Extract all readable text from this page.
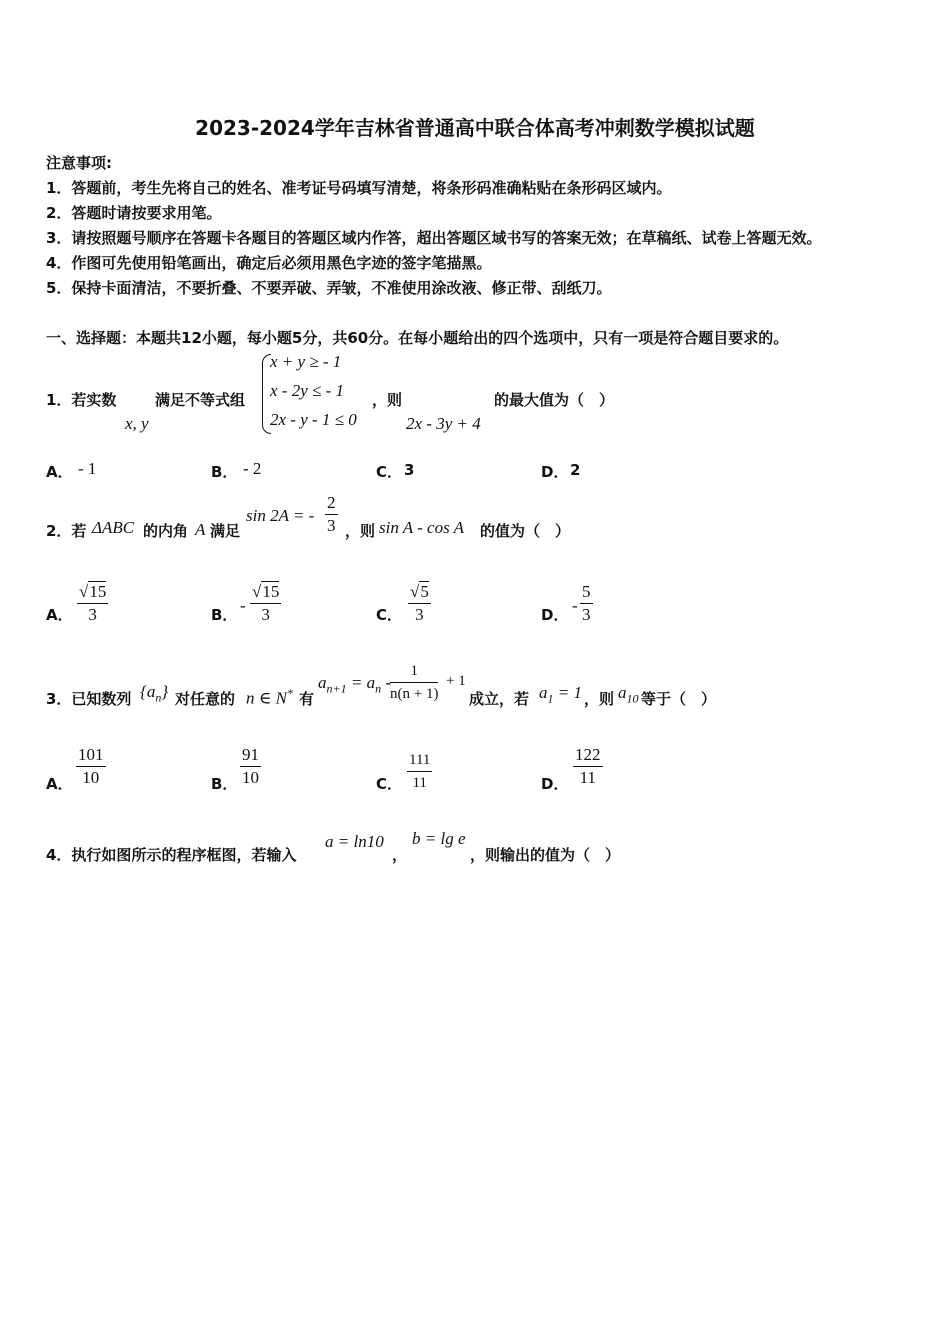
2023-2024学年吉林省普通高中联合体高考冲刺数学模拟试题
注意事项:
1．答题前，考生先将自己的姓名、准考证号码填写清楚，将条形码准确粘贴在条形码区域内。
2．答题时请按要求用笔。
3．请按照题号顺序在答题卡各题目的答题区域内作答，超出答题区域书写的答案无效；在草稿纸、试卷上答题无效。
4．作图可先使用铅笔画出，确定后必须用黑色字迹的签字笔描黑。
5．保持卡面清洁，不要折叠、不要弄破、弄皱，不准使用涂改液、修正带、刮纸刀。
一、选择题：本题共12小题，每小题5分，共60分。在每小题给出的四个选项中，只有一项是符合题目要求的。
1．若实数
x, y
满足不等式组
x + y ≥ - 1
x - 2y ≤ - 1
2x - y - 1 ≤ 0
，则
2x - 3y + 4
的最大值为（　）
A． - 1	B． - 2	C． 3	D． 2
2．若 ΔABC 的内角 A 满足
sin 2A = - $\frac{2}{3}$ ，则 sin A - cos A 的值为（　）
A． $\frac{√15}{3}$	B． - $\frac{√15}{3}$	C． $\frac{√5}{3}$	D． - $\frac{5}{3}$
3．已知数列 $\{a_n\}$ 对任意的 n ∈ N* 有
$a_{n+1} = a_n$ -
$\frac{1}{n(n + 1)} + 1$
成立，若 $a_1 = 1$ ，则 $a_{10}$ 等于（　）
A． $\frac{101}{10}$	B． $\frac{91}{10}$	C． $\frac{111}{11}$	D． $\frac{122}{11}$
4．执行如图所示的程序框图，若输入
a = ln10
，
b = lg e
，则输出的值为（　）
